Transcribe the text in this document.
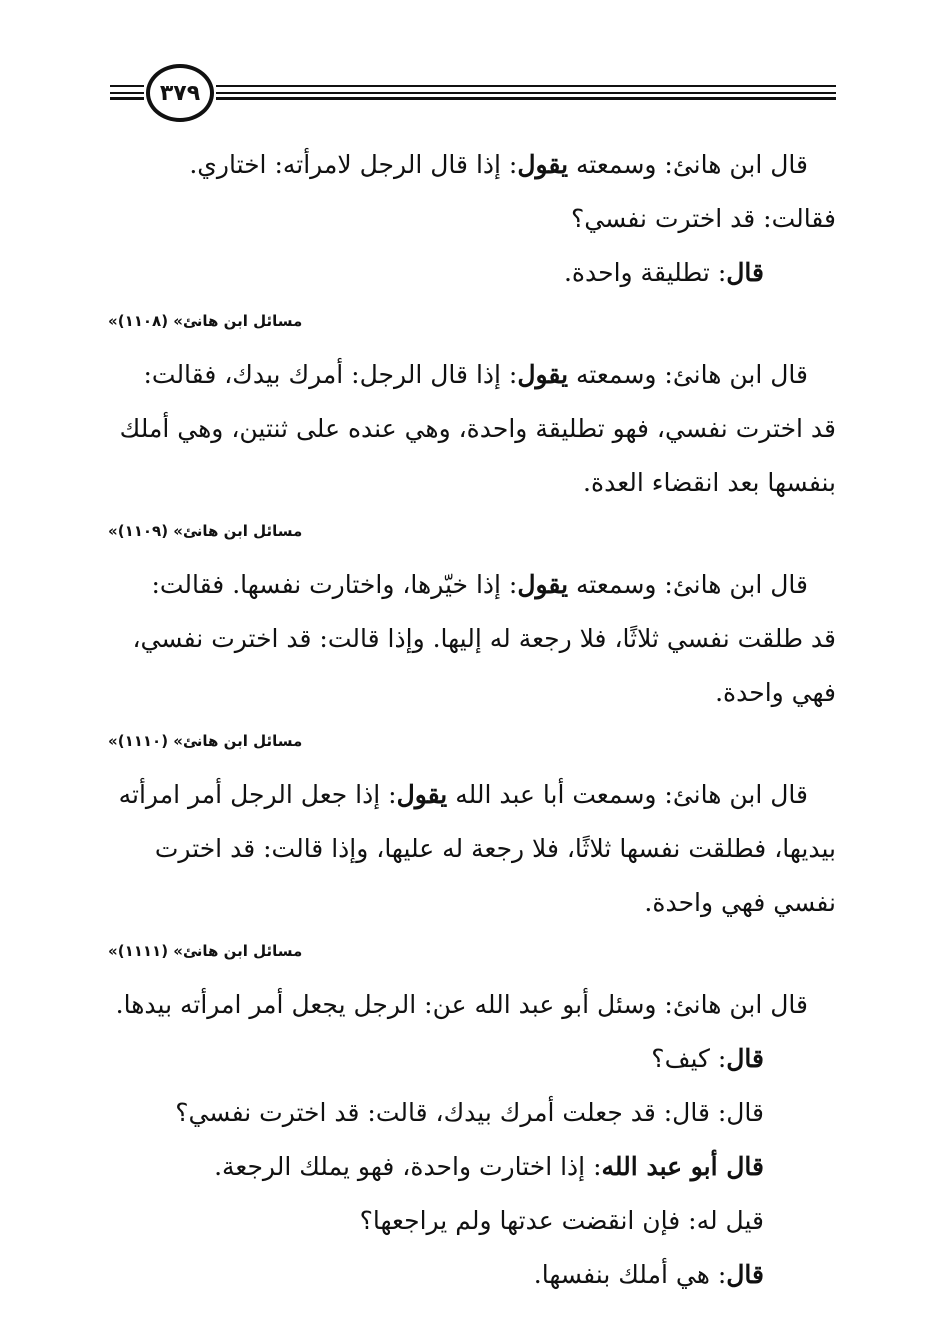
٣٧٩
قال ابن هانئ: وسمعته يقول: إذا قال الرجل لامرأته: اختاري.
فقالت: قد اخترت نفسي؟
قال: تطليقة واحدة.
«مسائل ابن هانئ» (١١٠٨)
قال ابن هانئ: وسمعته يقول: إذا قال الرجل: أمرك بيدك، فقالت:
قد اخترت نفسي، فهو تطليقة واحدة، وهي عنده على ثنتين، وهي أملك
بنفسها بعد انقضاء العدة.
«مسائل ابن هانئ» (١١٠٩)
قال ابن هانئ: وسمعته يقول: إذا خيّرها، واختارت نفسها. فقالت:
قد طلقت نفسي ثلاثًا، فلا رجعة له إليها. وإذا قالت: قد اخترت نفسي،
فهي واحدة.
«مسائل ابن هانئ» (١١١٠)
قال ابن هانئ: وسمعت أبا عبد الله يقول: إذا جعل الرجل أمر امرأته
بيديها، فطلقت نفسها ثلاثًا، فلا رجعة له عليها، وإذا قالت: قد اخترت
نفسي فهي واحدة.
«مسائل ابن هانئ» (١١١١)
قال ابن هانئ: وسئل أبو عبد الله عن: الرجل يجعل أمر امرأته بيدها.
قال: كيف؟
قال: قال: قد جعلت أمرك بيدك، قالت: قد اخترت نفسي؟
قال أبو عبد الله: إذا اختارت واحدة، فهو يملك الرجعة.
قيل له: فإن انقضت عدتها ولم يراجعها؟
قال: هي أملك بنفسها.
